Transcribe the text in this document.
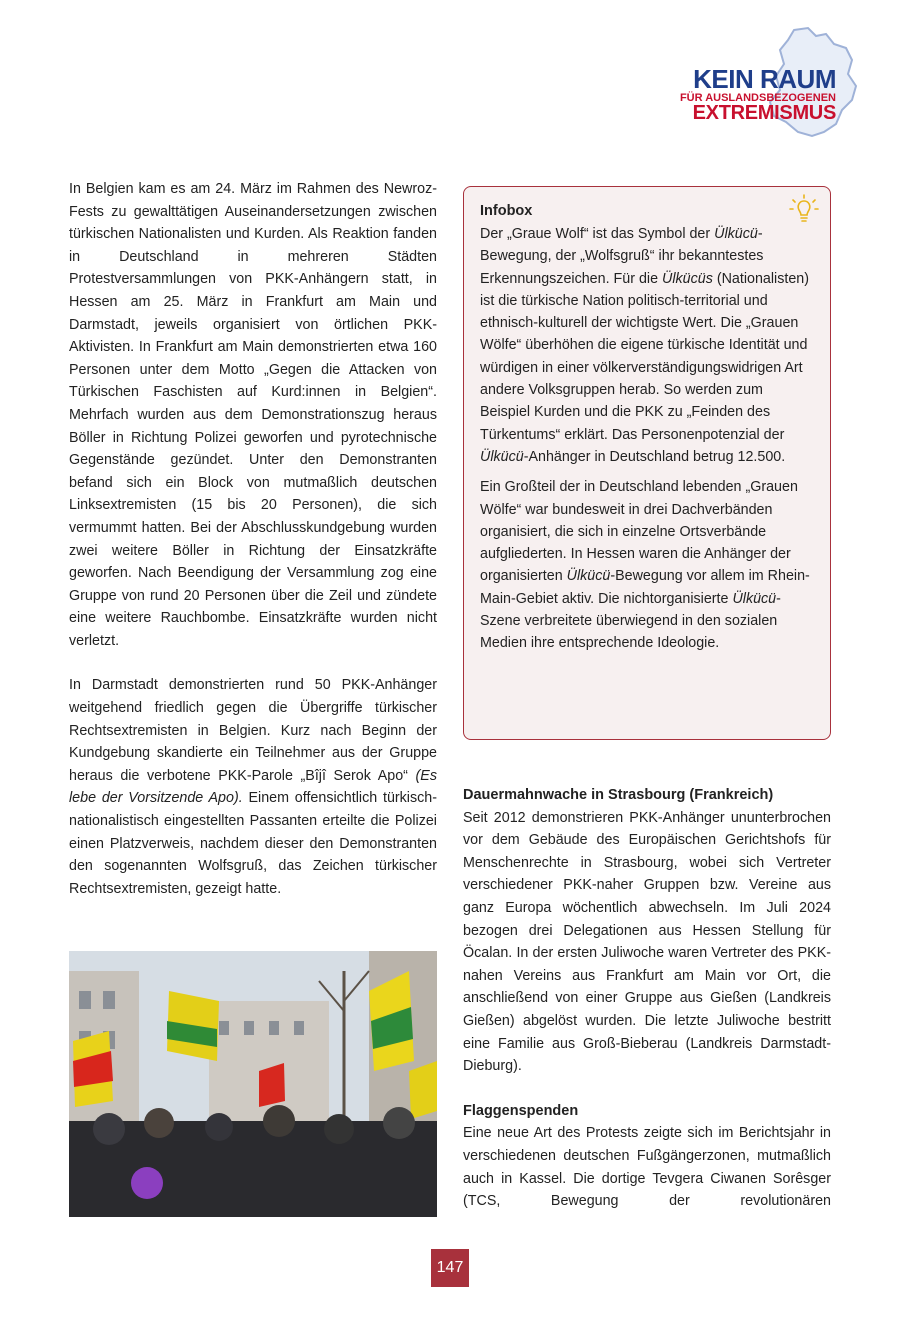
KEIN RAUM
FÜR AUSLANDSBEZOGENEN
EXTREMISMUS

In Belgien kam es am 24. März im Rahmen des Newroz-Fests zu gewalttätigen Auseinandersetzungen zwischen türkischen Nationalisten und Kurden. Als Reaktion fanden in Deutschland in mehreren Städten Protestversammlungen von PKK-Anhängern statt, in Hessen am 25. März in Frankfurt am Main und Darmstadt, jeweils organisiert von örtlichen PKK-Aktivisten. In Frankfurt am Main demonstrierten etwa 160 Personen unter dem Motto „Gegen die Attacken von Türkischen Faschisten auf Kurd:innen in Belgien“. Mehrfach wurden aus dem Demonstrationszug heraus Böller in Richtung Polizei geworfen und pyrotechnische Gegenstände gezündet. Unter den Demonstranten befand sich ein Block von mutmaßlich deutschen Linksextremisten (15 bis 20 Personen), die sich vermummt hatten. Bei der Abschlusskundgebung wurden zwei weitere Böller in Richtung der Einsatzkräfte geworfen. Nach Beendigung der Versammlung zog eine Gruppe von rund 20 Personen über die Zeil und zündete eine weitere Rauchbombe. Einsatzkräfte wurden nicht verletzt.

In Darmstadt demonstrierten rund 50 PKK-Anhänger weitgehend friedlich gegen die Übergriffe türkischer Rechtsextremisten in Belgien. Kurz nach Beginn der Kundgebung skandierte ein Teilnehmer aus der Gruppe heraus die verbotene PKK-Parole „Bîjî Serok Apo“ (Es lebe der Vorsitzende Apo). Einem offensichtlich türkisch-nationalistisch eingestellten Passanten erteilte die Polizei einen Platzverweis, nachdem dieser den Demonstranten den sogenannten Wolfsgruß, das Zeichen türkischer Rechtsextremisten, gezeigt hatte.

Infobox

Der „Graue Wolf“ ist das Symbol der Ülkücü-Bewegung, der „Wolfsgruß“ ihr bekanntestes Erkennungszeichen. Für die Ülkücüs (Nationalisten) ist die türkische Nation politisch-territorial und ethnisch-kulturell der wichtigste Wert. Die „Grauen Wölfe“ überhöhen die eigene türkische Identität und würdigen in einer völkerverständigungswidrigen Art andere Volksgruppen herab. So werden zum Beispiel Kurden und die PKK zu „Feinden des Türkentums“ erklärt. Das Personenpotenzial der Ülkücü-Anhänger in Deutschland betrug 12.500.

Ein Großteil der in Deutschland lebenden „Grauen Wölfe“ war bundesweit in drei Dachverbänden organisiert, die sich in einzelne Ortsverbände aufgliederten. In Hessen waren die Anhänger der organisierten Ülkücü-Bewegung vor allem im Rhein-Main-Gebiet aktiv. Die nichtorganisierte Ülkücü-Szene verbreitete überwiegend in den sozialen Medien ihre entsprechende Ideologie.

Dauermahnwache in Strasbourg (Frankreich)

Seit 2012 demonstrieren PKK-Anhänger ununterbrochen vor dem Gebäude des Europäischen Gerichtshofs für Menschenrechte in Strasbourg, wobei sich Vertreter verschiedener PKK-naher Gruppen bzw. Vereine aus ganz Europa wöchentlich abwechseln. Im Juli 2024 bezogen drei Delegationen aus Hessen Stellung für Öcalan. In der ersten Juliwoche waren Vertreter des PKK-nahen Vereins aus Frankfurt am Main vor Ort, die anschließend von einer Gruppe aus Gießen (Landkreis Gießen) abgelöst wurden. Die letzte Juliwoche bestritt eine Familie aus Groß-Bieberau (Landkreis Darmstadt-Dieburg).

Flaggenspenden

Eine neue Art des Protests zeigte sich im Berichtsjahr in verschiedenen deutschen Fußgängerzonen, mutmaßlich auch in Kassel. Die dortige Tevgera Ciwanen Sorêsger (TCS, Bewegung der revolutionären

147
